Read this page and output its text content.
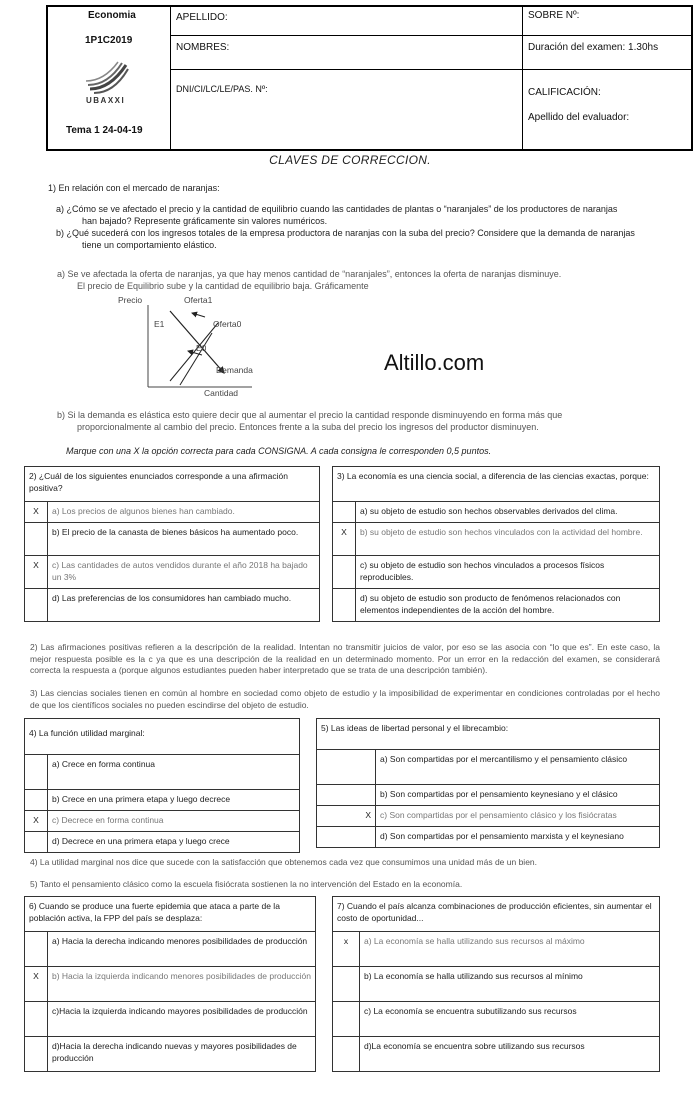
Economia
1P1C2019
UBAXXI
Tema 1 24-04-19
APELLIDO:
NOMBRES:
DNI/CI/LC/LE/PAS. Nº:
SOBRE Nº:
Duración del examen: 1.30hs
CALIFICACIÓN:
Apellido del evaluador:
CLAVES DE CORRECCION.
1) En relación con el mercado de naranjas:
a) ¿Cómo se ve afectado el precio y la cantidad de equilibrio cuando las cantidades de plantas o “naranjales” de los productores de naranjas
han bajado? Represente gráficamente sin valores numéricos.
b) ¿Qué sucederá con los ingresos totales de la empresa productora de naranjas con la suba del precio? Considere que la demanda de naranjas
tiene un comportamiento elástico.
a) Se ve afectada la oferta de naranjas, ya que hay menos cantidad de “naranjales”, entonces la oferta de naranjas disminuye.
El precio de Equilibrio sube y la cantidad de equilibrio baja. Gráficamente
Precio	Oferta1
E1	Oferta0
E0
Demanda
Cantidad
Altillo.com
b) Si la demanda es elástica esto quiere decir que al aumentar el precio la cantidad responde disminuyendo en forma más que
proporcionalmente al cambio del precio. Entonces frente a la suba del precio los ingresos del productor disminuyen.
Marque con una X la opción correcta para cada CONSIGNA. A cada consigna le corresponden 0,5 puntos.
2) ¿Cuál de los siguientes enunciados corresponde a una afirmación positiva?	
X	a) Los precios de algunos bienes han cambiado.
	b) El precio de la canasta de bienes básicos ha aumentado poco.
X	c) Las cantidades de autos vendidos durante el año 2018 ha bajado un 3%
	d) Las preferencias de los consumidores han cambiado mucho.
3) La economía es una ciencia social, a diferencia de las ciencias exactas, porque:	
	a) su objeto de estudio son hechos observables derivados del clima.
X	b) su objeto de estudio son hechos vinculados con la actividad del hombre.
	c) su objeto de estudio son hechos vinculados a procesos físicos reproducibles.
	d) su objeto de estudio son producto de fenómenos relacionados con elementos independientes de la acción del hombre.
2) Las afirmaciones positivas refieren a la descripción de la realidad. Intentan no transmitir juicios de valor, por eso se las asocia con “lo que es”. En este caso, la mejor respuesta posible es la c ya que es una descripción de la realidad en un determinado momento. Por un error en la redacción del examen, se considerará correcta la respuesta a (porque algunos estudiantes pueden haber interpretado que se trata de una descripción también).
3) Las ciencias sociales tienen en común al hombre en sociedad como objeto de estudio y la imposibilidad de experimentar en condiciones controladas por el hecho de que los científicos sociales no pueden escindirse del objeto de estudio.
4) La función utilidad marginal:	
	a) Crece en forma continua
	b) Crece en una primera etapa y luego decrece
X	c) Decrece en forma continua
	d) Decrece en una primera etapa y luego crece
5) Las ideas de libertad personal y el librecambio:	
	a) Son compartidas por el mercantilismo y el pensamiento clásico
	b) Son compartidas por el pensamiento keynesiano y el clásico
X	c) Son compartidas por el pensamiento clásico y los fisiócratas
	d) Son compartidas por el pensamiento marxista y el keynesiano
4) La utilidad marginal nos dice que sucede con la satisfacción que obtenemos cada vez que consumimos una unidad más de un bien.
5) Tanto el pensamiento clásico como la escuela fisiócrata sostienen la no intervención del Estado en la economía.
6) Cuando se produce una fuerte epidemia que ataca a parte de la población activa, la FPP del país se desplaza:	
	a) Hacia la derecha indicando menores posibilidades de producción
X	b) Hacia la izquierda indicando menores posibilidades de producción
	c)Hacia la izquierda indicando mayores posibilidades de producción
	d)Hacia la derecha indicando nuevas y mayores posibilidades de producción
7) Cuando el país alcanza combinaciones de producción eficientes, sin aumentar el costo de oportunidad...	
x	a) La economía se halla utilizando sus recursos al máximo
	b) La economía se halla utilizando sus recursos al mínimo
	c) La economía se encuentra subutilizando sus recursos
	d)La economía se encuentra sobre utilizando sus recursos
